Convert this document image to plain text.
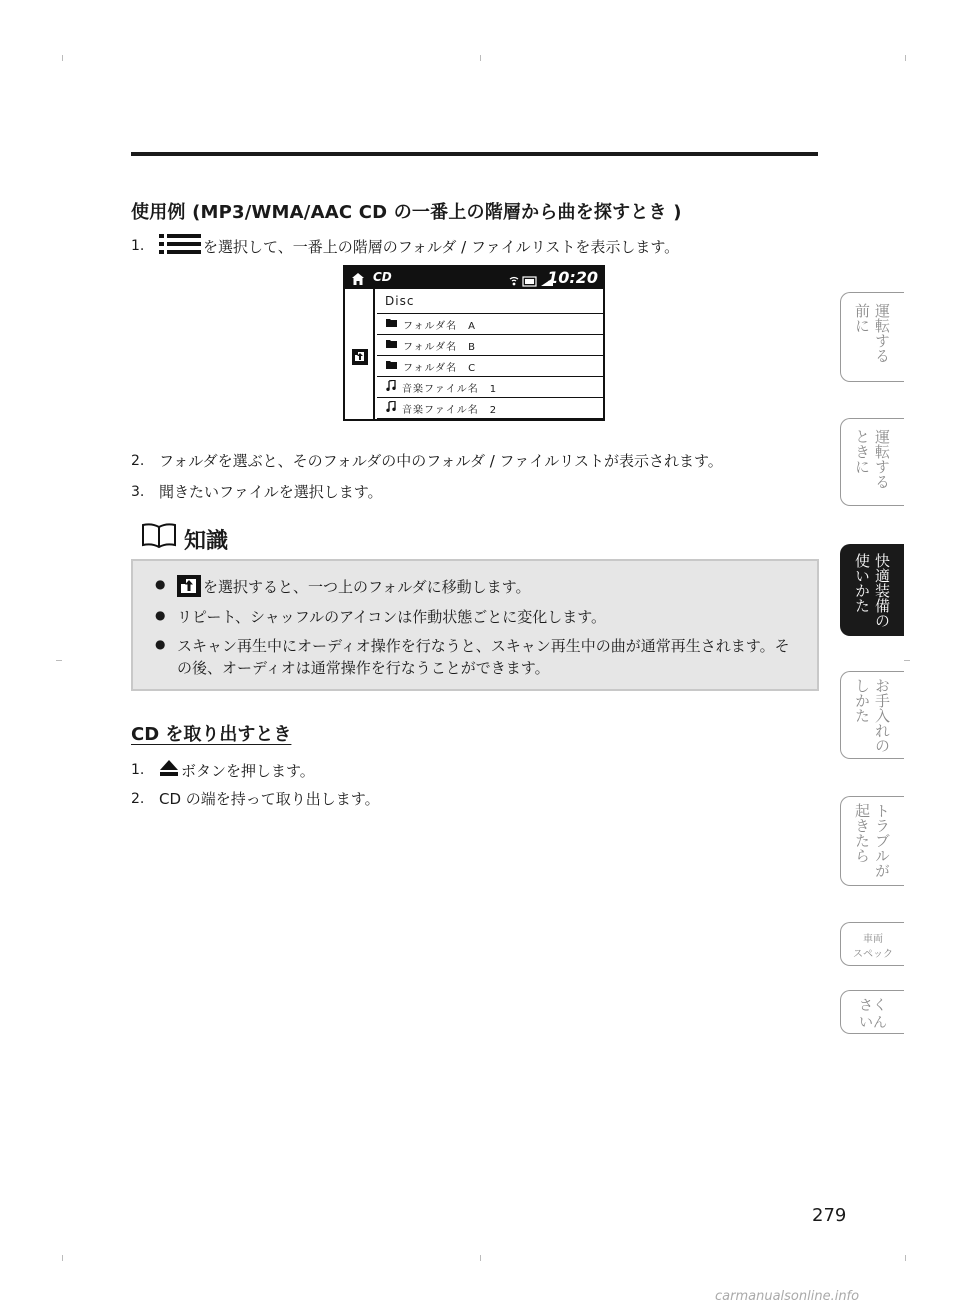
使用例 (MP3/WMA/AAC CD の一番上の階層から曲を探すとき )
1.	を選択して、一番上の階層のフォルダ / ファイルリストを表示します。
CD	10:20
Disc
フォルダ名　A
フォルダ名　B
フォルダ名　C
音楽ファイル名　1
音楽ファイル名　2
2. フォルダを選ぶと、そのフォルダの中のフォルダ / ファイルリストが表示されます。
3. 聞きたいファイルを選択します。
知識
●	を選択すると、一つ上のフォルダに移動します。
● リピート、シャッフルのアイコンは作動状態ごとに変化します。
● スキャン再生中にオーディオ操作を行なうと、スキャン再生中の曲が通常再生されます。その後、オーディオは通常操作を行なうことができます。
CD を取り出すとき
1.	ボタンを押します。
2. CD の端を持って取り出します。
運転する
前に
運転する
ときに
快適装備の
使いかた
お手入れの
しかた
トラブルが
起きたら
車両
スペック
さく
いん
279
carmanualsonline.info
